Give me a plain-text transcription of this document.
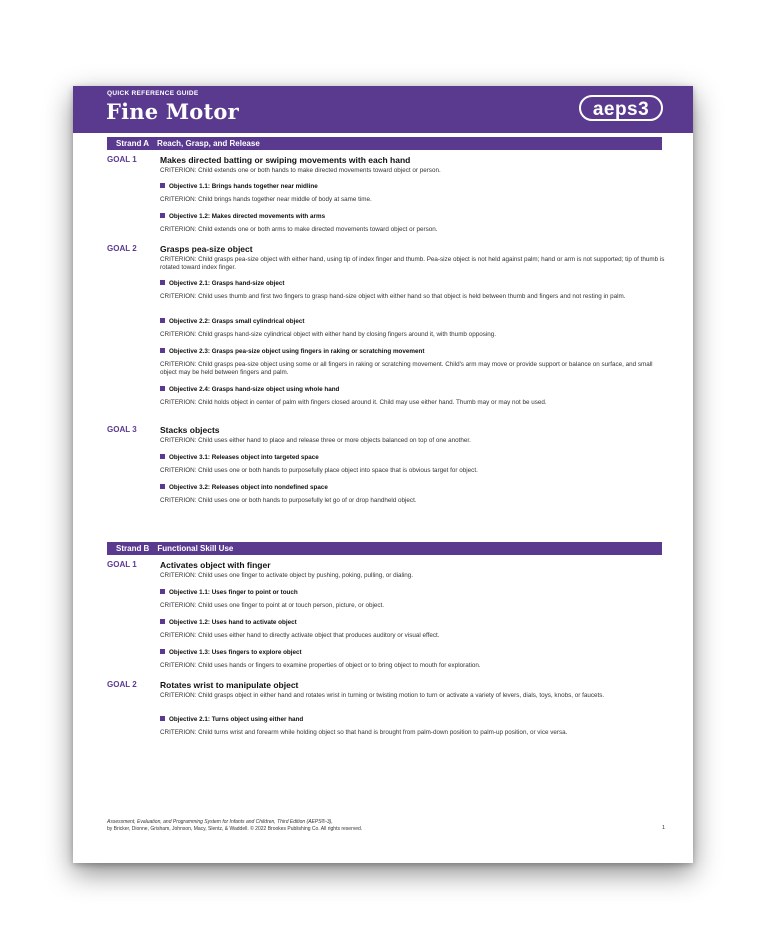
QUICK REFERENCE GUIDE
Fine Motor	aeps3
Strand A Reach, Grasp, and Release
GOAL 1	Makes directed batting or swiping movements with each hand
CRITERION: Child extends one or both hands to make directed movements toward object or person.
Objective 1.1: Brings hands together near midline
CRITERION: Child brings hands together near middle of body at same time.
Objective 1.2: Makes directed movements with arms
CRITERION: Child extends one or both arms to make directed movements toward object or person.
GOAL 2	Grasps pea-size object
CRITERION: Child grasps pea-size object with either hand, using tip of index finger and thumb. Pea-size object is not held against palm; hand or arm is not supported; tip of thumb is rotated toward index finger.
Objective 2.1: Grasps hand-size object
CRITERION: Child uses thumb and first two fingers to grasp hand-size object with either hand so that object is held between thumb and fingers and not resting in palm.
Objective 2.2: Grasps small cylindrical object
CRITERION: Child grasps hand-size cylindrical object with either hand by closing fingers around it, with thumb opposing.
Objective 2.3: Grasps pea-size object using fingers in raking or scratching movement
CRITERION: Child grasps pea-size object using some or all fingers in raking or scratching movement. Child's arm may move or provide support or balance on surface, and small object may be held between fingers and palm.
Objective 2.4: Grasps hand-size object using whole hand
CRITERION: Child holds object in center of palm with fingers closed around it. Child may use either hand. Thumb may or may not be used.
GOAL 3	Stacks objects
CRITERION: Child uses either hand to place and release three or more objects balanced on top of one another.
Objective 3.1: Releases object into targeted space
CRITERION: Child uses one or both hands to purposefully place object into space that is obvious target for object.
Objective 3.2: Releases object into nondefined space
CRITERION: Child uses one or both hands to purposefully let go of or drop handheld object.
Strand B Functional Skill Use
GOAL 1	Activates object with finger
CRITERION: Child uses one finger to activate object by pushing, poking, pulling, or dialing.
Objective 1.1: Uses finger to point or touch
CRITERION: Child uses one finger to point at or touch person, picture, or object.
Objective 1.2: Uses hand to activate object
CRITERION: Child uses either hand to directly activate object that produces auditory or visual effect.
Objective 1.3: Uses fingers to explore object
CRITERION: Child uses hands or fingers to examine properties of object or to bring object to mouth for exploration.
GOAL 2	Rotates wrist to manipulate object
CRITERION: Child grasps object in either hand and rotates wrist in turning or twisting motion to turn or activate a variety of levers, dials, toys, knobs, or faucets.
Objective 2.1: Turns object using either hand
CRITERION: Child turns wrist and forearm while holding object so that hand is brought from palm-down position to palm-up position, or vice versa.
Assessment, Evaluation, and Programming System for Infants and Children, Third Edition (AEPS®-3),
by Bricker, Dionne, Grisham, Johnson, Macy, Slentz, & Waddell. © 2022 Brookes Publishing Co. All rights reserved.	1
